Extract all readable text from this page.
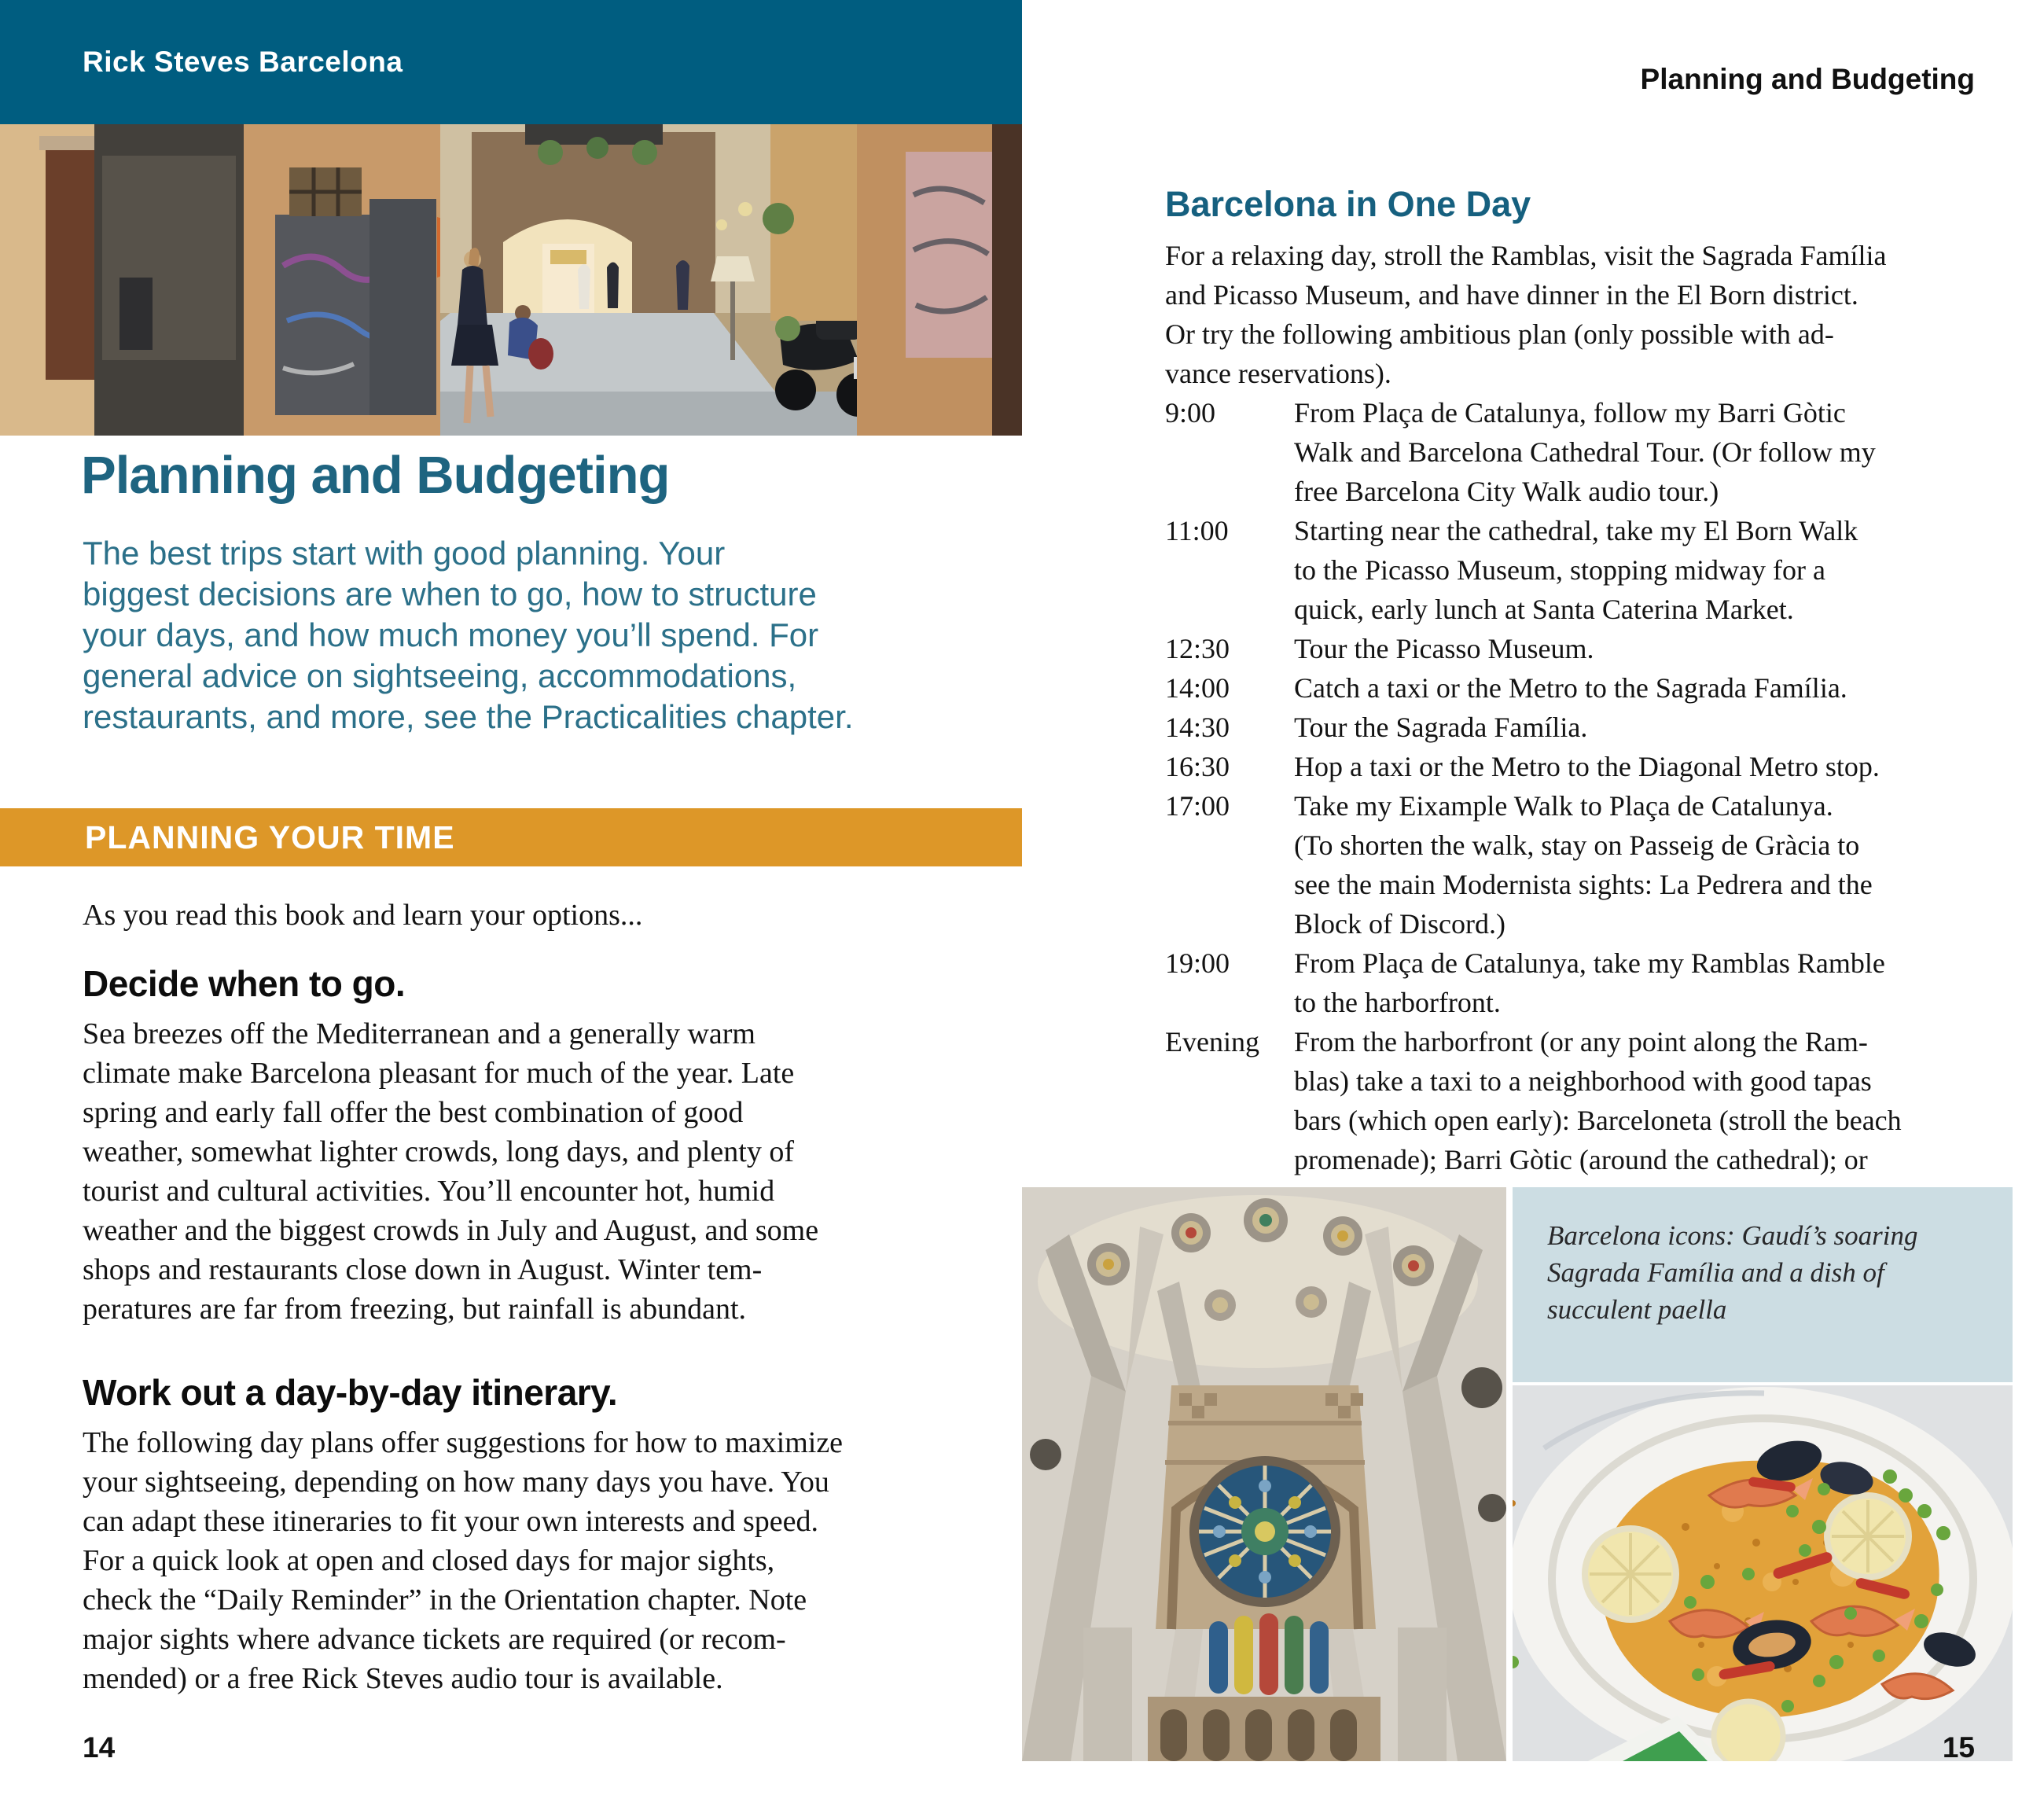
Rick Steves Barcelona
Planning and Budgeting
The best trips start with good planning. Your
biggest decisions are when to go, how to structure
your days, and how much money you’ll spend. For
general advice on sightseeing, accommodations,
restaurants, and more, see the Practicalities chapter.
PLANNING YOUR TIME
As you read this book and learn your options...
Decide when to go.
Sea breezes off the Mediterranean and a generally warm
climate make Barcelona pleasant for much of the year. Late
spring and early fall offer the best combination of good
weather, somewhat lighter crowds, long days, and plenty of
tourist and cultural activities. You’ll encounter hot, humid
weather and the biggest crowds in July and August, and some
shops and restaurants close down in August. Winter tem-
peratures are far from freezing, but rainfall is abundant.
Work out a day-by-day itinerary.
The following day plans offer suggestions for how to maximize
your sightseeing, depending on how many days you have. You
can adapt these itineraries to fit your own interests and speed.
For a quick look at open and closed days for major sights,
check the “Daily Reminder” in the Orientation chapter. Note
major sights where advance tickets are required (or recom-
mended) or a free Rick Steves audio tour is available.
14
Planning and Budgeting
Barcelona in One Day
For a relaxing day, stroll the Ramblas, visit the Sagrada Família
and Picasso Museum, and have dinner in the El Born district.
Or try the following ambitious plan (only possible with ad-
vance reservations).
9:00	From Plaça de Catalunya, follow my Barri Gòtic
Walk and Barcelona Cathedral Tour. (Or follow my
free Barcelona City Walk audio tour.)
11:00	Starting near the cathedral, take my El Born Walk
to the Picasso Museum, stopping midway for a
quick, early lunch at Santa Caterina Market.
12:30	Tour the Picasso Museum.
14:00	Catch a taxi or the Metro to the Sagrada Família.
14:30	Tour the Sagrada Família.
16:30	Hop a taxi or the Metro to the Diagonal Metro stop.
17:00	Take my Eixample Walk to Plaça de Catalunya.
(To shorten the walk, stay on Passeig de Gràcia to
see the main Modernista sights: La Pedrera and the
Block of Discord.)
19:00	From Plaça de Catalunya, take my Ramblas Ramble
to the harborfront.
Evening	From the harborfront (or any point along the Ram-
blas) take a taxi to a neighborhood with good tapas
bars (which open early): Barceloneta (stroll the beach
promenade); Barri Gòtic (around the cathedral); or
Barcelona icons: Gaudí’s soaring
Sagrada Família and a dish of
succulent paella
15
